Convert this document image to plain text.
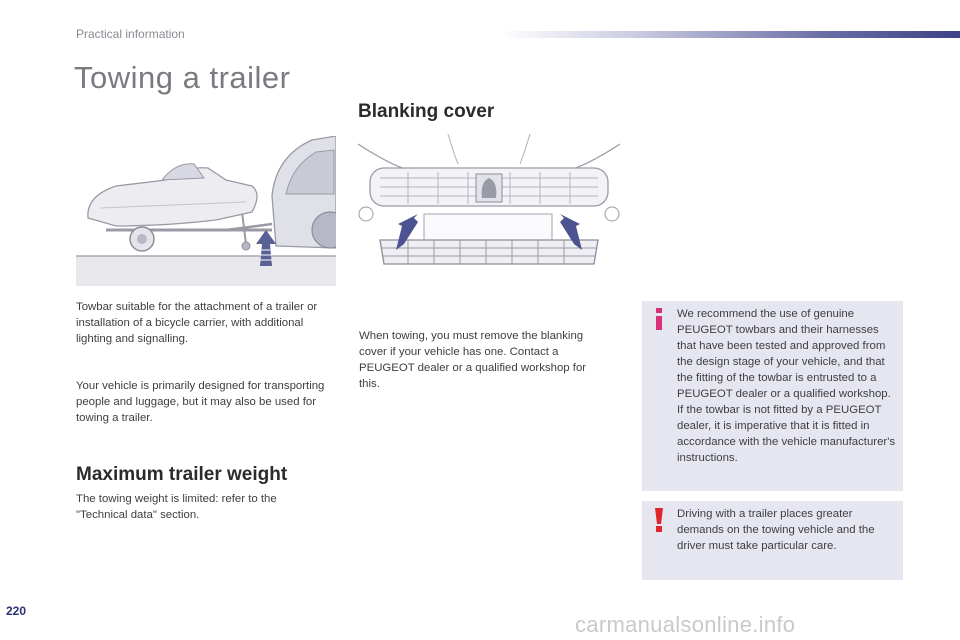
Practical information
Towing a trailer
Blanking cover
Towbar suitable for the attachment of a trailer or installation of a bicycle carrier, with additional lighting and signalling.
Your vehicle is primarily designed for transporting people and luggage, but it may also be used for towing a trailer.
Maximum trailer weight
The towing weight is limited: refer to the "Technical data" section.
When towing, you must remove the blanking cover if your vehicle has one. Contact a PEUGEOT dealer or a qualified workshop for this.
We recommend the use of genuine PEUGEOT towbars and their harnesses that have been tested and approved from the design stage of your vehicle, and that the fitting of the towbar is entrusted to a PEUGEOT dealer or a qualified workshop. If the towbar is not fitted by a PEUGEOT dealer, it is imperative that it is fitted in accordance with the vehicle manufacturer's instructions.
Driving with a trailer places greater demands on the towing vehicle and the driver must take particular care.
220
carmanualsonline.info
